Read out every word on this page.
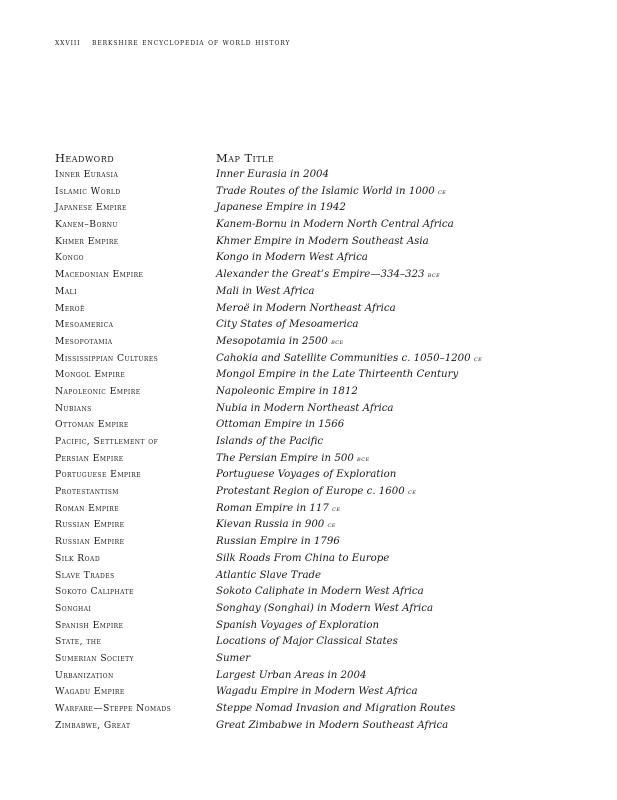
xxviii berkshire encyclopedia of world history
Headword	Map Title
Inner Eurasia	Inner Eurasia in 2004
Islamic World	Trade Routes of the Islamic World in 1000 ce
Japanese Empire	Japanese Empire in 1942
Kanem–Bornu	Kanem-Bornu in Modern North Central Africa
Khmer Empire	Khmer Empire in Modern Southeast Asia
Kongo	Kongo in Modern West Africa
Macedonian Empire	Alexander the Great’s Empire—334–323 bce
Mali	Mali in West Africa
Meroë	Meroë in Modern Northeast Africa
Mesoamerica	City States of Mesoamerica
Mesopotamia	Mesopotamia in 2500 bce
Mississippian Cultures	Cahokia and Satellite Communities c. 1050–1200 ce
Mongol Empire	Mongol Empire in the Late Thirteenth Century
Napoleonic Empire	Napoleonic Empire in 1812
Nubians	Nubia in Modern Northeast Africa
Ottoman Empire	Ottoman Empire in 1566
Pacific, Settlement of	Islands of the Pacific
Persian Empire	The Persian Empire in 500 bce
Portuguese Empire	Portuguese Voyages of Exploration
Protestantism	Protestant Region of Europe c. 1600 ce
Roman Empire	Roman Empire in 117 ce
Russian Empire	Kievan Russia in 900 ce
Russian Empire	Russian Empire in 1796
Silk Road	Silk Roads From China to Europe
Slave Trades	Atlantic Slave Trade
Sokoto Caliphate	Sokoto Caliphate in Modern West Africa
Songhai	Songhay (Songhai) in Modern West Africa
Spanish Empire	Spanish Voyages of Exploration
State, the	Locations of Major Classical States
Sumerian Society	Sumer
Urbanization	Largest Urban Areas in 2004
Wagadu Empire	Wagadu Empire in Modern West Africa
Warfare—Steppe Nomads	Steppe Nomad Invasion and Migration Routes
Zimbabwe, Great	Great Zimbabwe in Modern Southeast Africa
